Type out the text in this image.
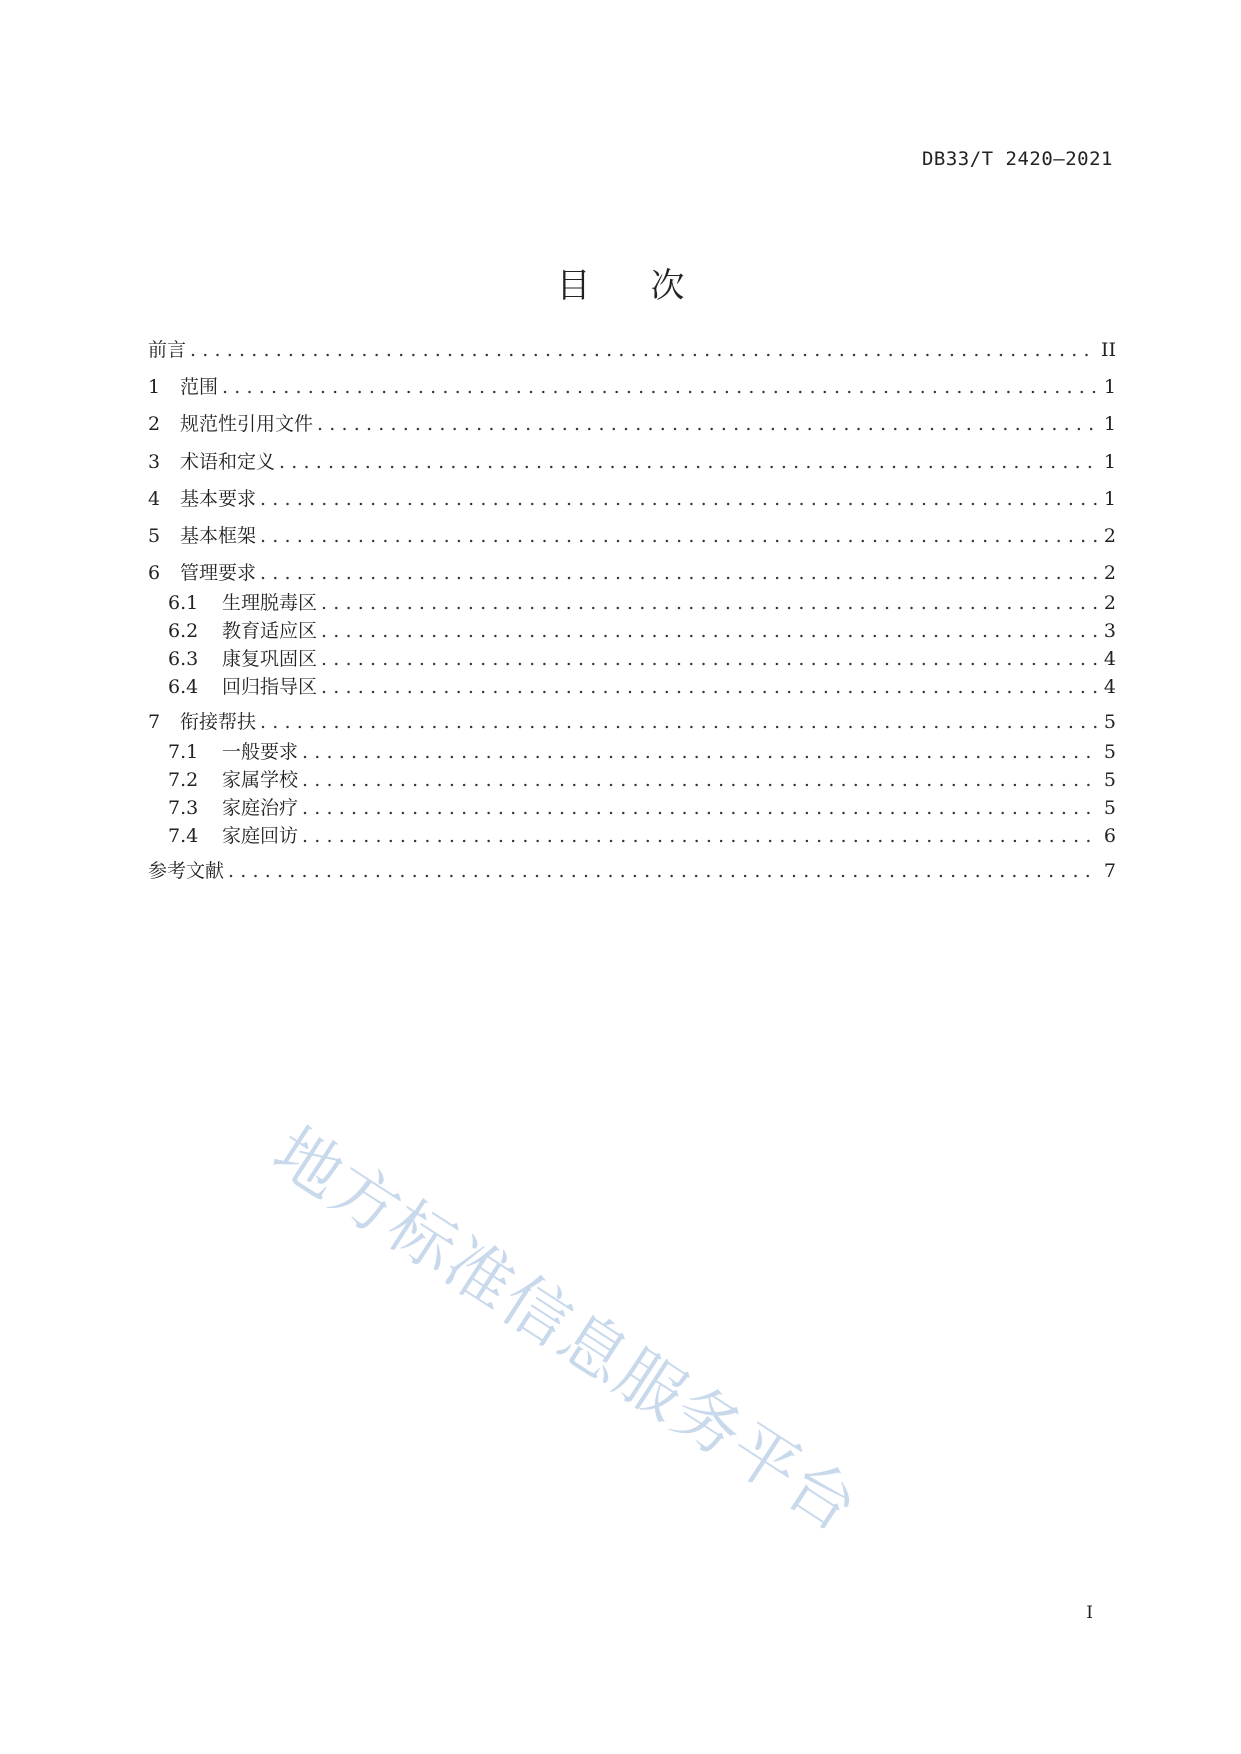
DB33/T 2420—2021
目次
前言 .....	II
1	范围 .....	1
2	规范性引用文件 .....	1
3	术语和定义 .....	1
4	基本要求 .....	1
5	基本框架 .....	2
6	管理要求 .....	2
6.1	生理脱毒区 .....	2
6.2	教育适应区 .....	3
6.3	康复巩固区 .....	4
6.4	回归指导区 .....	4
7	衔接帮扶 .....	5
7.1	一般要求 .....	5
7.2	家属学校 .....	5
7.3	家庭治疗 .....	5
7.4	家庭回访 .....	6
参考文献 .....	7
地方标准信息服务平台
I
